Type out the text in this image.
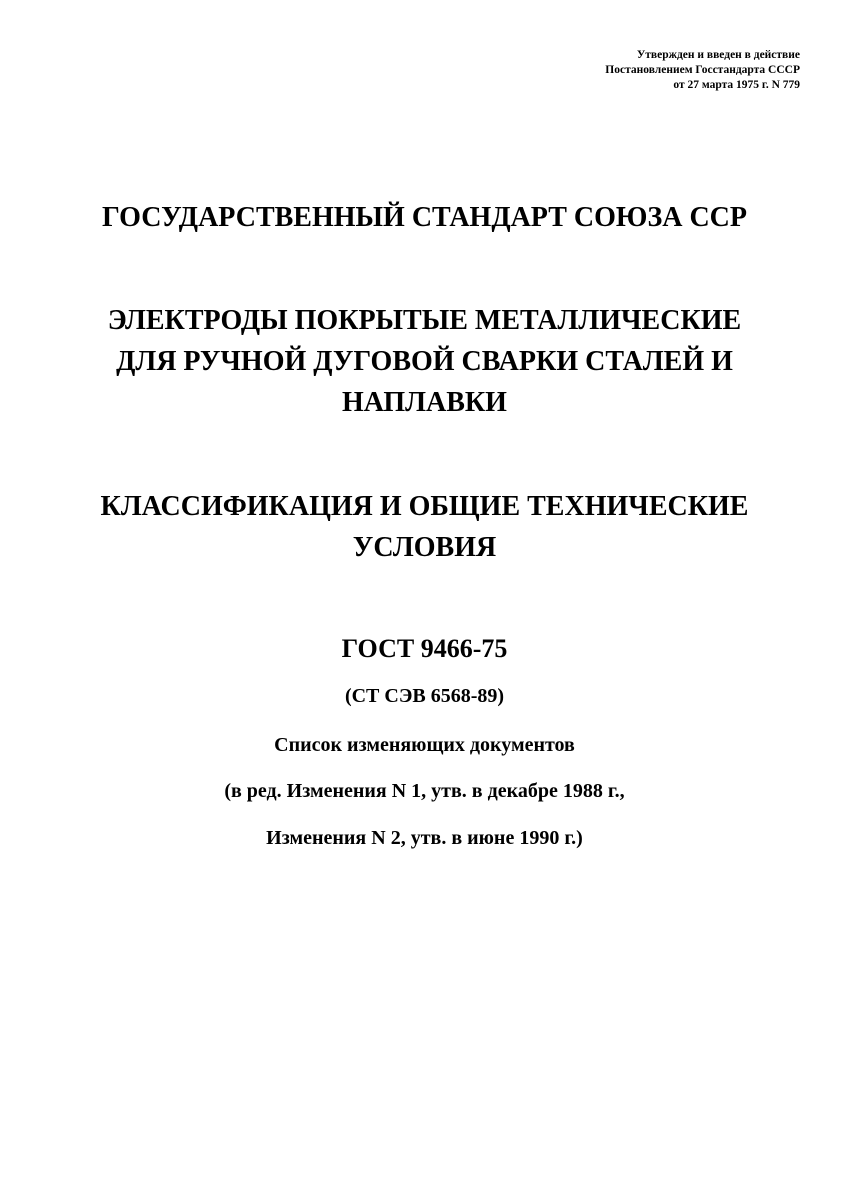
Утвержден и введен в действие
Постановлением Госстандарта СССР
от 27 марта 1975 г. N 779
ГОСУДАРСТВЕННЫЙ СТАНДАРТ СОЮЗА ССР
ЭЛЕКТРОДЫ ПОКРЫТЫЕ МЕТАЛЛИЧЕСКИЕ
ДЛЯ РУЧНОЙ ДУГОВОЙ СВАРКИ СТАЛЕЙ И
НАПЛАВКИ
КЛАССИФИКАЦИЯ И ОБЩИЕ ТЕХНИЧЕСКИЕ
УСЛОВИЯ
ГОСТ 9466-75
(СТ СЭВ 6568-89)
Список изменяющих документов
(в ред. Изменения N 1, утв. в декабре 1988 г.,
Изменения N 2, утв. в июне 1990 г.)
